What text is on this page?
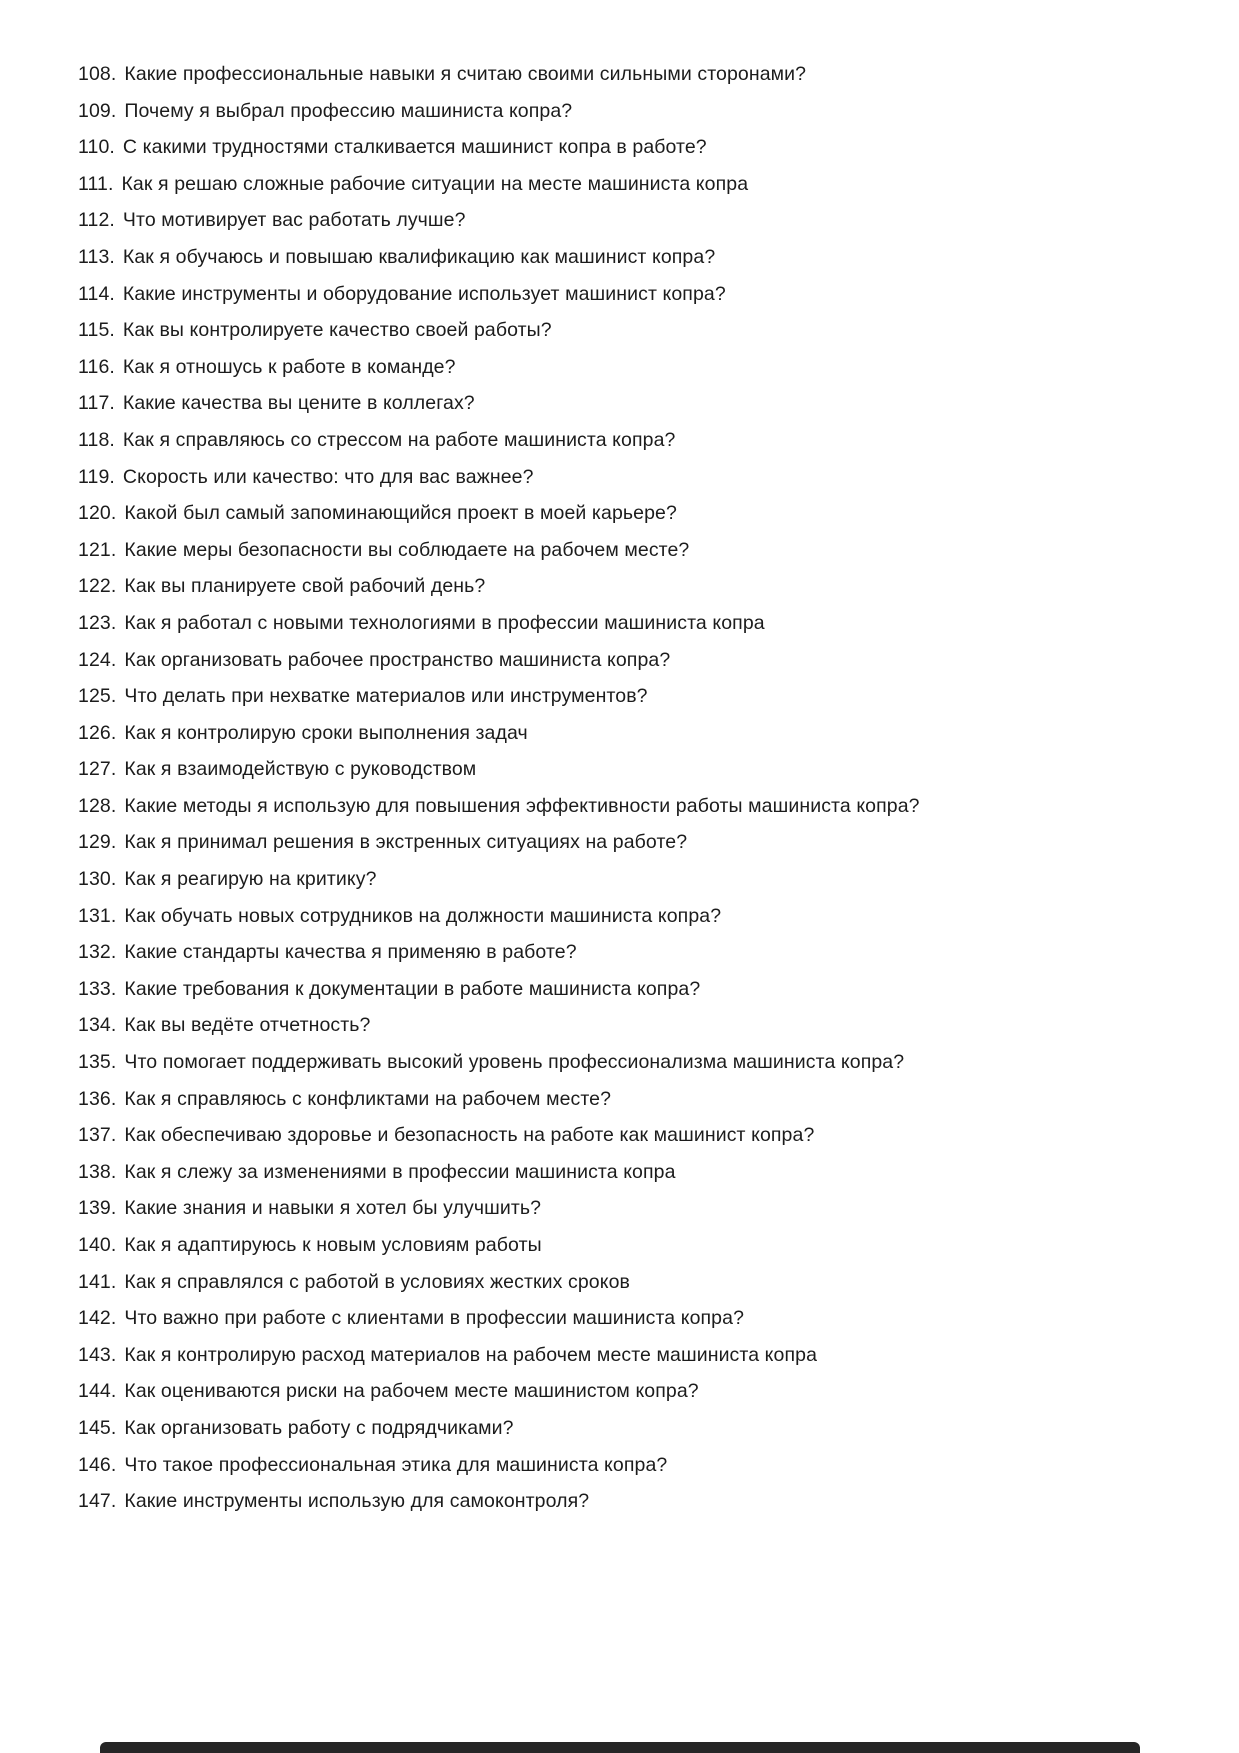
108. Какие профессиональные навыки я считаю своими сильными сторонами?
109. Почему я выбрал профессию машиниста копра?
110. С какими трудностями сталкивается машинист копра в работе?
111. Как я решаю сложные рабочие ситуации на месте машиниста копра
112. Что мотивирует вас работать лучше?
113. Как я обучаюсь и повышаю квалификацию как машинист копра?
114. Какие инструменты и оборудование использует машинист копра?
115. Как вы контролируете качество своей работы?
116. Как я отношусь к работе в команде?
117. Какие качества вы цените в коллегах?
118. Как я справляюсь со стрессом на работе машиниста копра?
119. Скорость или качество: что для вас важнее?
120. Какой был самый запоминающийся проект в моей карьере?
121. Какие меры безопасности вы соблюдаете на рабочем месте?
122. Как вы планируете свой рабочий день?
123. Как я работал с новыми технологиями в профессии машиниста копра
124. Как организовать рабочее пространство машиниста копра?
125. Что делать при нехватке материалов или инструментов?
126. Как я контролирую сроки выполнения задач
127. Как я взаимодействую с руководством
128. Какие методы я использую для повышения эффективности работы машиниста копра?
129. Как я принимал решения в экстренных ситуациях на работе?
130. Как я реагирую на критику?
131. Как обучать новых сотрудников на должности машиниста копра?
132. Какие стандарты качества я применяю в работе?
133. Какие требования к документации в работе машиниста копра?
134. Как вы ведёте отчетность?
135. Что помогает поддерживать высокий уровень профессионализма машиниста копра?
136. Как я справляюсь с конфликтами на рабочем месте?
137. Как обеспечиваю здоровье и безопасность на работе как машинист копра?
138. Как я слежу за изменениями в профессии машиниста копра
139. Какие знания и навыки я хотел бы улучшить?
140. Как я адаптируюсь к новым условиям работы
141. Как я справлялся с работой в условиях жестких сроков
142. Что важно при работе с клиентами в профессии машиниста копра?
143. Как я контролирую расход материалов на рабочем месте машиниста копра
144. Как оцениваются риски на рабочем месте машинистом копра?
145. Как организовать работу с подрядчиками?
146. Что такое профессиональная этика для машиниста копра?
147. Какие инструменты использую для самоконтроля?
